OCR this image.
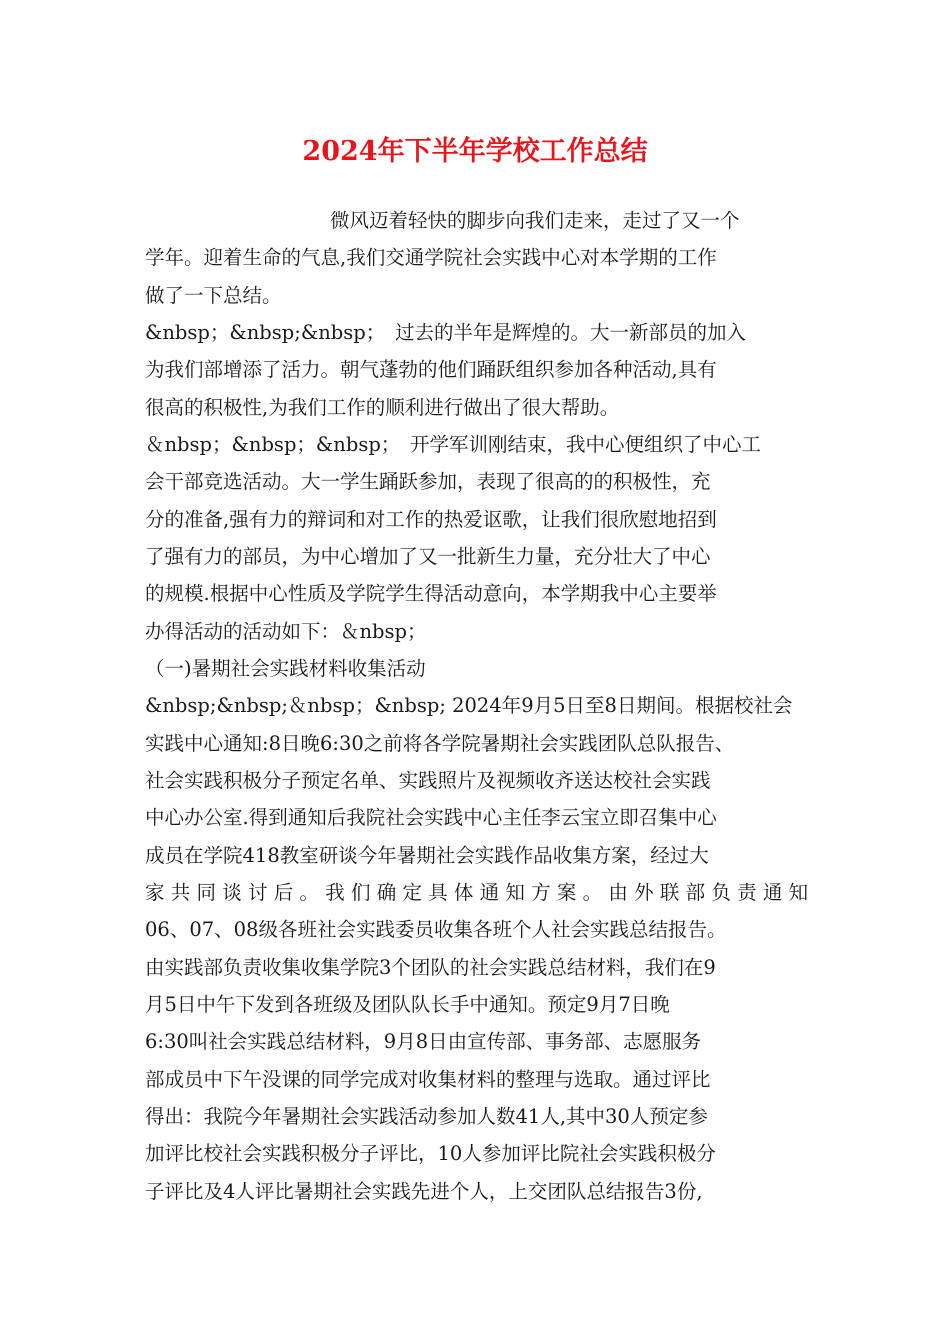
2024年下半年学校工作总结
微风迈着轻快的脚步向我们走来，走过了又一个
学年。迎着生命的气息,我们交通学院社会实践中心对本学期的工作
做了一下总结。
&nbsp；&nbsp;&nbsp；　过去的半年是辉煌的。大一新部员的加入
为我们部增添了活力。朝气蓬勃的他们踊跃组织参加各种活动,具有
很高的积极性,为我们工作的顺利进行做出了很大帮助。
＆nbsp；&nbsp；&nbsp；　开学军训刚结束，我中心便组织了中心工
会干部竞选活动。大一学生踊跃参加，表现了很高的的积极性，充
分的准备,强有力的辩词和对工作的热爱讴歌，让我们很欣慰地招到
了强有力的部员，为中心增加了又一批新生力量，充分壮大了中心
的规模.根据中心性质及学院学生得活动意向，本学期我中心主要举
办得活动的活动如下：＆nbsp；
（一)暑期社会实践材料收集活动
&nbsp;&nbsp;＆nbsp；&nbsp; 2024年9月5日至8日期间。根据校社会
实践中心通知:8日晚6:30之前将各学院暑期社会实践团队总队报告、
社会实践积极分子预定名单、实践照片及视频收齐送达校社会实践
中心办公室.得到通知后我院社会实践中心主任李云宝立即召集中心
成员在学院418教室研谈今年暑期社会实践作品收集方案，经过大
家共同谈讨后。我们确定具体通知方案。由外联部负责通知
06、07、08级各班社会实践委员收集各班个人社会实践总结报告。
由实践部负责收集收集学院3个团队的社会实践总结材料，我们在9
月5日中午下发到各班级及团队队长手中通知。预定9月7日晚
6:30叫社会实践总结材料，9月8日由宣传部、事务部、志愿服务
部成员中下午没课的同学完成对收集材料的整理与选取。通过评比
得出：我院今年暑期社会实践活动参加人数41人,其中30人预定参
加评比校社会实践积极分子评比，10人参加评比院社会实践积极分
子评比及4人评比暑期社会实践先进个人，上交团队总结报告3份,
